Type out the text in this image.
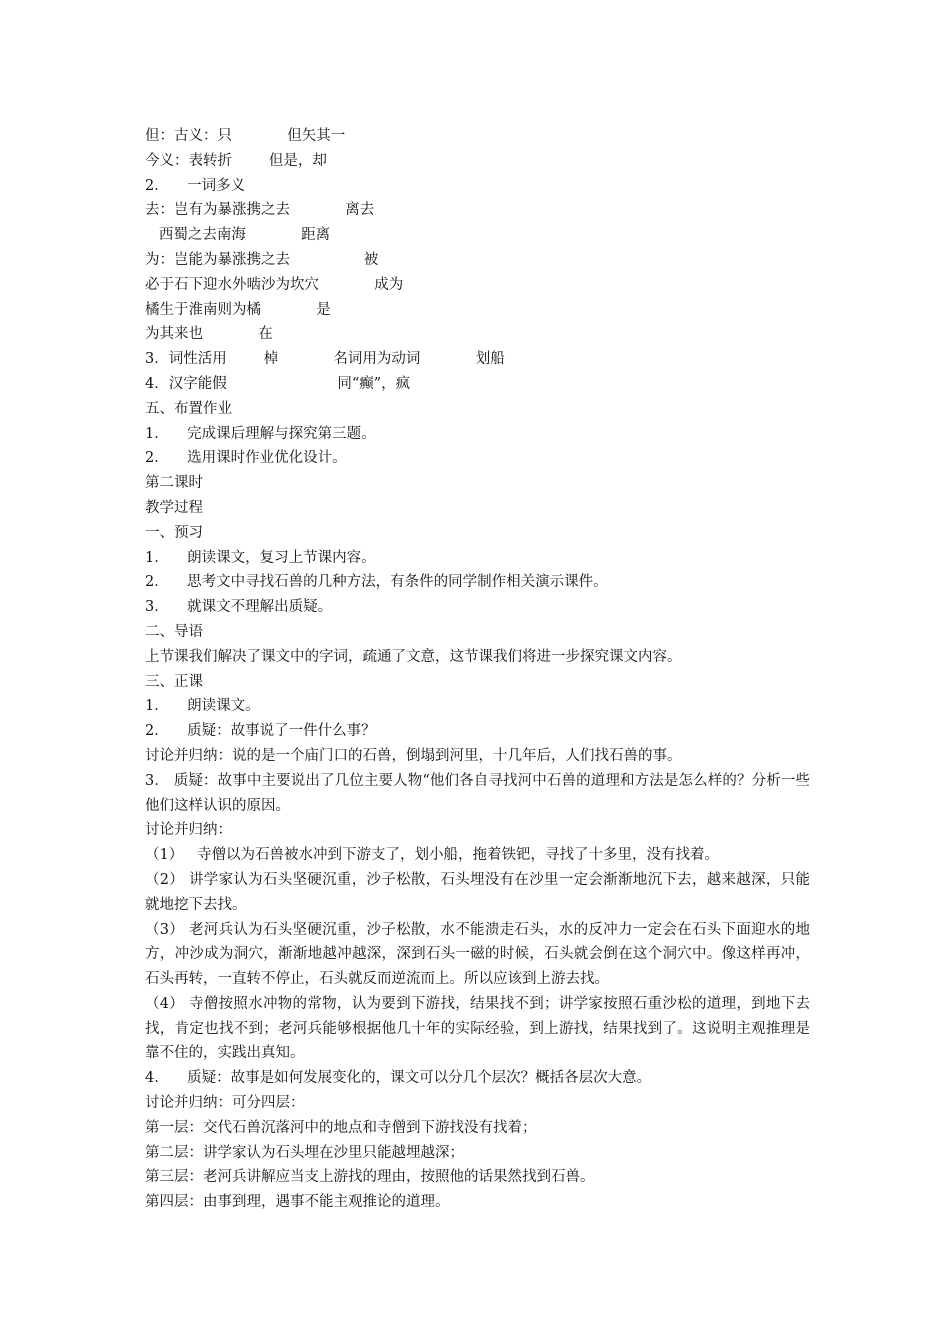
但：古义：只            但矢其一
今义：表转折        但是，却
2．    一词多义
去：岂有为暴涨携之去            离去
西蜀之去南海            距离
为：岂能为暴涨携之去                被
必于石下迎水外啮沙为坎穴            成为
橘生于淮南则为橘            是
为其来也            在
3．词性活用        棹            名词用为动词            划船
4．汉字能假                        同“癫”，疯
五、布置作业
1．    完成课后理解与探究第三题。
2．    选用课时作业优化设计。
第二课时
教学过程
一、预习
1．    朗读课文，复习上节课内容。
2．    思考文中寻找石兽的几种方法，有条件的同学制作相关演示课件。
3．    就课文不理解出质疑。
二、导语
上节课我们解决了课文中的字词，疏通了文意，这节课我们将进一步探究课文内容。
三、正课
1．    朗读课文。
2．    质疑：故事说了一件什么事？
讨论并归纳：说的是一个庙门口的石兽，倒塌到河里，十几年后，人们找石兽的事。
3． 质疑：故事中主要说出了几位主要人物“他们各自寻找河中石兽的道理和方法是怎么样的？分析一些他们这样认识的原因。
讨论并归纳：
（1）   寺僧以为石兽被水冲到下游支了，划小船，拖着铁钯，寻找了十多里，没有找着。
（2） 讲学家认为石头坚硬沉重，沙子松散，石头埋没有在沙里一定会渐渐地沉下去，越来越深，只能就地挖下去找。
（3） 老河兵认为石头坚硬沉重，沙子松散，水不能溃走石头，水的反冲力一定会在石头下面迎水的地方，冲沙成为洞穴，渐渐地越冲越深，深到石头一磁的时候，石头就会倒在这个洞穴中。像这样再冲，石头再转，一直转不停止，石头就反而逆流而上。所以应该到上游去找。
（4） 寺僧按照水冲物的常物，认为要到下游找，结果找不到；讲学家按照石重沙松的道理，到地下去找，肯定也找不到；老河兵能够根据他几十年的实际经验，到上游找，结果找到了。这说明主观推理是靠不住的，实践出真知。
4．    质疑：故事是如何发展变化的，课文可以分几个层次？概括各层次大意。
讨论并归纳：可分四层：
第一层：交代石兽沉落河中的地点和寺僧到下游找没有找着；
第二层：讲学家认为石头埋在沙里只能越埋越深；
第三层：老河兵讲解应当支上游找的理由，按照他的话果然找到石兽。
第四层：由事到理，遇事不能主观推论的道理。
